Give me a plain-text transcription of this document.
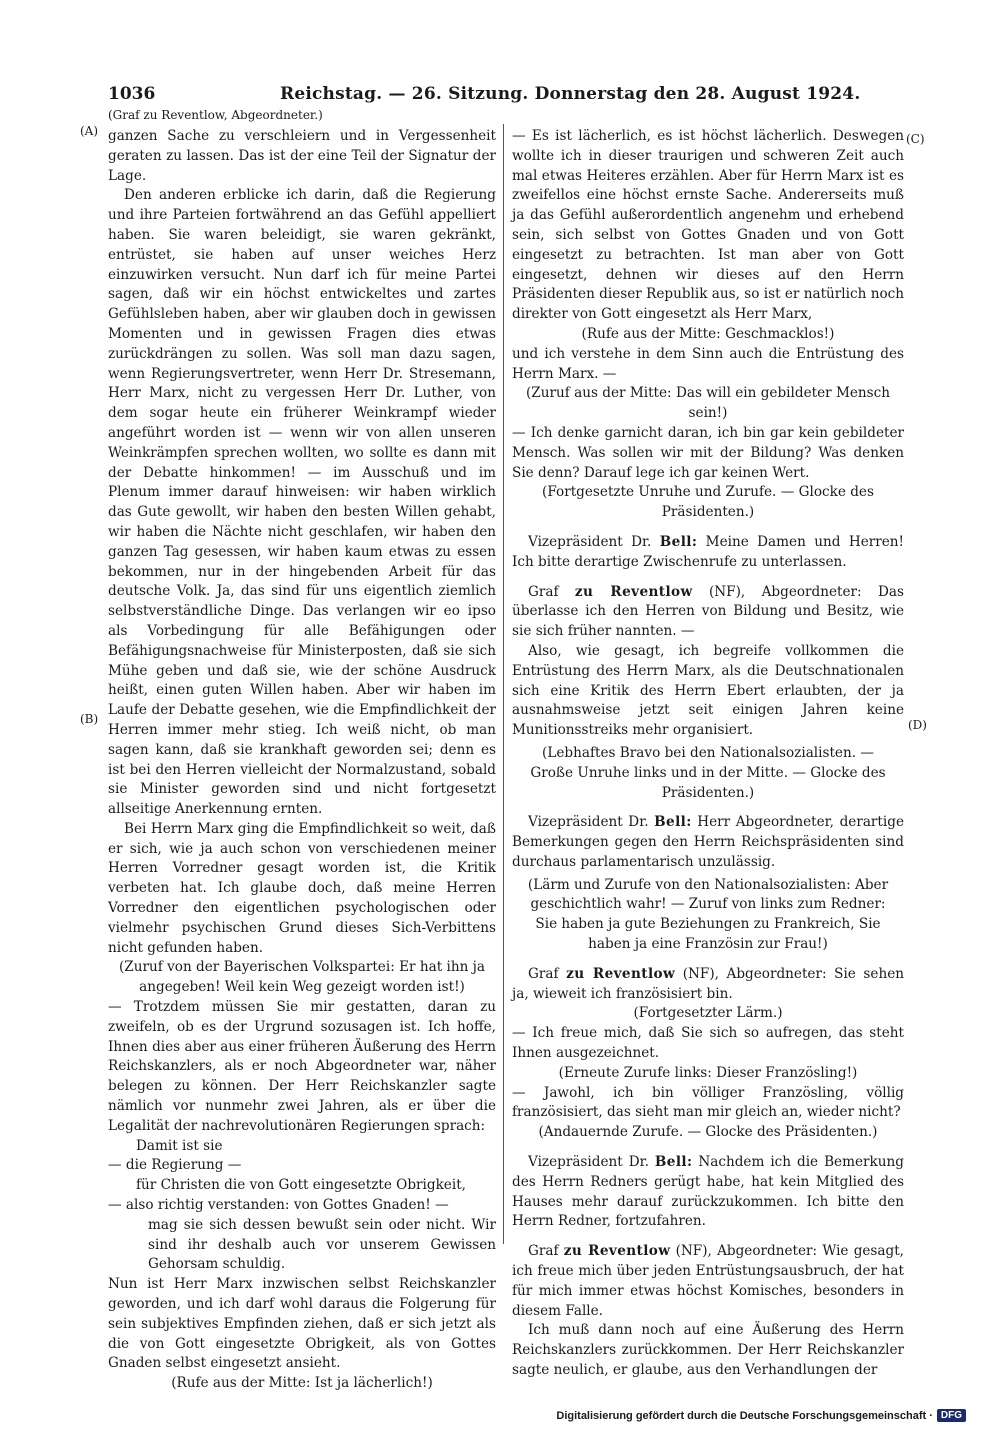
1036	Reichstag. — 26. Sitzung. Donnerstag den 28. August 1924.
(Graf zu Reventlow, Abgeordneter.)
(A)
(B)
(C)
(D)

ganzen Sache zu verschleiern und in Vergessenheit geraten zu lassen. Das ist der eine Teil der Signatur der Lage.

Den anderen erblicke ich darin, daß die Regierung und ihre Parteien fortwährend an das Gefühl appelliert haben. Sie waren beleidigt, sie waren gekränkt, entrüstet, sie haben auf unser weiches Herz einzuwirken versucht. Nun darf ich für meine Partei sagen, daß wir ein höchst entwickeltes und zartes Gefühlsleben haben, aber wir glauben doch in gewissen Momenten und in gewissen Fragen dies etwas zurückdrängen zu sollen. Was soll man dazu sagen, wenn Regierungsvertreter, wenn Herr Dr. Stresemann, Herr Marx, nicht zu vergessen Herr Dr. Luther, von dem sogar heute ein früherer Weinkrampf wieder angeführt worden ist — wenn wir von allen unseren Weinkrämpfen sprechen wollten, wo sollte es dann mit der Debatte hinkommen! — im Ausschuß und im Plenum immer darauf hinweisen: wir haben wirklich das Gute gewollt, wir haben den besten Willen gehabt, wir haben die Nächte nicht geschlafen, wir haben den ganzen Tag gesessen, wir haben kaum etwas zu essen bekommen, nur in der hingebenden Arbeit für das deutsche Volk. Ja, das sind für uns eigentlich ziemlich selbstverständliche Dinge. Das verlangen wir eo ipso als Vorbedingung für alle Befähigungen oder Befähigungsnachweise für Ministerposten, daß sie sich Mühe geben und daß sie, wie der schöne Ausdruck heißt, einen guten Willen haben. Aber wir haben im Laufe der Debatte gesehen, wie die Empfindlichkeit der Herren immer mehr stieg. Ich weiß nicht, ob man sagen kann, daß sie krankhaft geworden sei; denn es ist bei den Herren vielleicht der Normalzustand, sobald sie Minister geworden sind und nicht fortgesetzt allseitige Anerkennung ernten.

Bei Herrn Marx ging die Empfindlichkeit so weit, daß er sich, wie ja auch schon von verschiedenen meiner Herren Vorredner gesagt worden ist, die Kritik verbeten hat. Ich glaube doch, daß meine Herren Vorredner den eigentlichen psychologischen oder vielmehr psychischen Grund dieses Sich-Verbittens nicht gefunden haben.

(Zuruf von der Bayerischen Volkspartei: Er hat ihn ja angegeben! Weil kein Weg gezeigt worden ist!)

— Trotzdem müssen Sie mir gestatten, daran zu zweifeln, ob es der Urgrund sozusagen ist. Ich hoffe, Ihnen dies aber aus einer früheren Äußerung des Herrn Reichskanzlers, als er noch Abgeordneter war, näher belegen zu können. Der Herr Reichskanzler sagte nämlich vor nunmehr zwei Jahren, als er über die Legalität der nachrevolutionären Regierungen sprach:

Damit ist sie

— die Regierung —

für Christen die von Gott eingesetzte Obrigkeit,

— also richtig verstanden: von Gottes Gnaden! —

mag sie sich dessen bewußt sein oder nicht. Wir sind ihr deshalb auch vor unserem Gewissen Gehorsam schuldig.

Nun ist Herr Marx inzwischen selbst Reichskanzler geworden, und ich darf wohl daraus die Folgerung für sein subjektives Empfinden ziehen, daß er sich jetzt als die von Gott eingesetzte Obrigkeit, als von Gottes Gnaden selbst eingesetzt ansieht.

(Rufe aus der Mitte: Ist ja lächerlich!)

— Es ist lächerlich, es ist höchst lächerlich. Deswegen wollte ich in dieser traurigen und schweren Zeit auch mal etwas Heiteres erzählen. Aber für Herrn Marx ist es zweifellos eine höchst ernste Sache. Andererseits muß ja das Gefühl außerordentlich angenehm und erhebend sein, sich selbst von Gottes Gnaden und von Gott eingesetzt zu betrachten. Ist man aber von Gott eingesetzt, dehnen wir dieses auf den Herrn Präsidenten dieser Republik aus, so ist er natürlich noch direkter von Gott eingesetzt als Herr Marx,

(Rufe aus der Mitte: Geschmacklos!)

und ich verstehe in dem Sinn auch die Entrüstung des Herrn Marx. —

(Zuruf aus der Mitte: Das will ein gebildeter Mensch sein!)

— Ich denke garnicht daran, ich bin gar kein gebildeter Mensch. Was sollen wir mit der Bildung? Was denken Sie denn? Darauf lege ich gar keinen Wert.

(Fortgesetzte Unruhe und Zurufe. — Glocke des Präsidenten.)

Vizepräsident Dr. Bell: Meine Damen und Herren! Ich bitte derartige Zwischenrufe zu unterlassen.

Graf zu Reventlow (NF), Abgeordneter: Das überlasse ich den Herren von Bildung und Besitz, wie sie sich früher nannten. —

Also, wie gesagt, ich begreife vollkommen die Entrüstung des Herrn Marx, als die Deutschnationalen sich eine Kritik des Herrn Ebert erlaubten, der ja ausnahmsweise jetzt seit einigen Jahren keine Munitionsstreiks mehr organisiert.

(Lebhaftes Bravo bei den Nationalsozialisten. — Große Unruhe links und in der Mitte. — Glocke des Präsidenten.)

Vizepräsident Dr. Bell: Herr Abgeordneter, derartige Bemerkungen gegen den Herrn Reichspräsidenten sind durchaus parlamentarisch unzulässig.

(Lärm und Zurufe von den Nationalsozialisten: Aber geschichtlich wahr! — Zuruf von links zum Redner: Sie haben ja gute Beziehungen zu Frankreich, Sie haben ja eine Französin zur Frau!)

Graf zu Reventlow (NF), Abgeordneter: Sie sehen ja, wieweit ich französisiert bin.

(Fortgesetzter Lärm.)

— Ich freue mich, daß Sie sich so aufregen, das steht Ihnen ausgezeichnet.

(Erneute Zurufe links: Dieser Französling!)

— Jawohl, ich bin völliger Französling, völlig französisiert, das sieht man mir gleich an, wieder nicht?

(Andauernde Zurufe. — Glocke des Präsidenten.)

Vizepräsident Dr. Bell: Nachdem ich die Bemerkung des Herrn Redners gerügt habe, hat kein Mitglied des Hauses mehr darauf zurückzukommen. Ich bitte den Herrn Redner, fortzufahren.

Graf zu Reventlow (NF), Abgeordneter: Wie gesagt, ich freue mich über jeden Entrüstungsausbruch, der hat für mich immer etwas höchst Komisches, besonders in diesem Falle.

Ich muß dann noch auf eine Äußerung des Herrn Reichskanzlers zurückkommen. Der Herr Reichskanzler sagte neulich, er glaube, aus den Verhandlungen der

Digitalisierung gefördert durch die Deutsche Forschungsgemeinschaft · DFG
